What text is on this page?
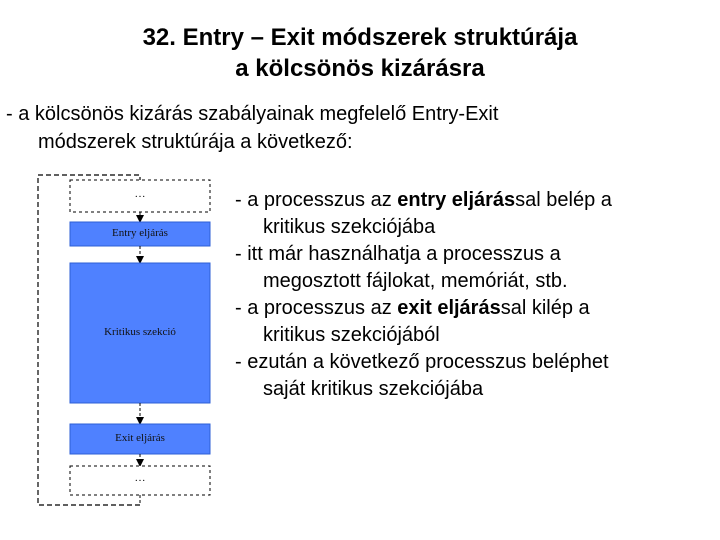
32. Entry – Exit módszerek struktúrája
a kölcsönös kizárásra
- a kölcsönös kizárás szabályainak megfelelő Entry-Exit
módszerek struktúrája a következő:
…
Entry eljárás
Kritikus szekció
Exit eljárás
…
- a processzus az entry eljárással belép a
kritikus szekciójába
- itt már használhatja a processzus a
megosztott fájlokat, memóriát, stb.
- a processzus az exit eljárással kilép a
kritikus szekciójából
- ezután a következő processzus beléphet
saját kritikus szekciójába
